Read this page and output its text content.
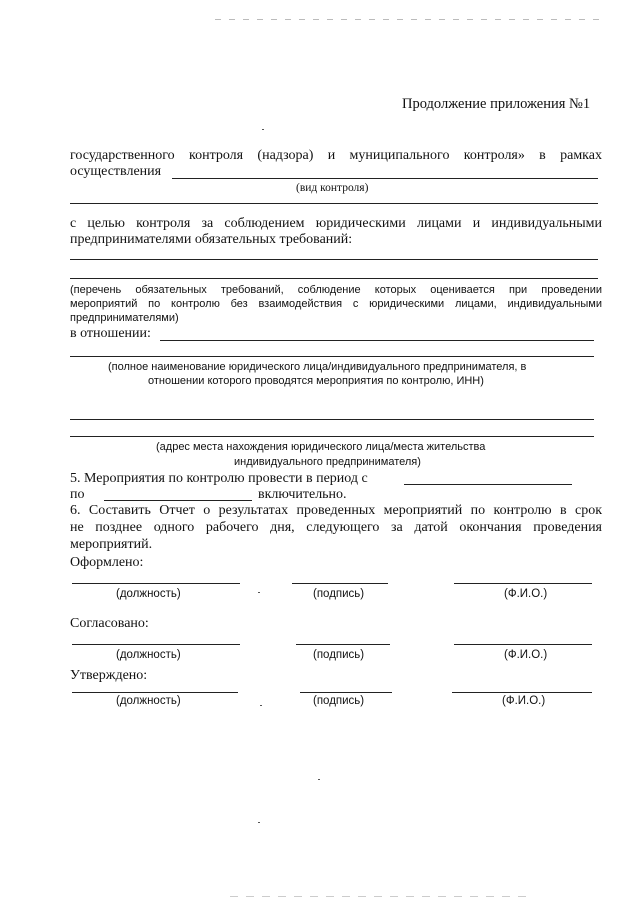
Продолжение приложения №1
государственного контроля (надзора) и муниципального контроля» в рамках
осуществления
(вид контроля)
с целью контроля за соблюдением юридическими лицами и индивидуальными
предпринимателями обязательных требований:
(перечень обязательных требований, соблюдение которых оценивается при проведении
мероприятий по контролю без взаимодействия с юридическими лицами, индивидуальными
предпринимателями)
в отношении:
(полное наименование юридического лица/индивидуального предпринимателя, в
отношении которого проводятся мероприятия по контролю, ИНН)
(адрес места нахождения юридического лица/места жительства
индивидуального предпринимателя)
5. Мероприятия по контролю провести в период с
по	включительно.
6. Составить Отчет о результатах проведенных мероприятий по контролю в срок
не позднее одного рабочего дня, следующего за датой окончания проведения
мероприятий.
Оформлено:
(должность)	(подпись)	(Ф.И.О.)
Согласовано:
(должность)	(подпись)	(Ф.И.О.)
Утверждено:
(должность)	(подпись)	(Ф.И.О.)
